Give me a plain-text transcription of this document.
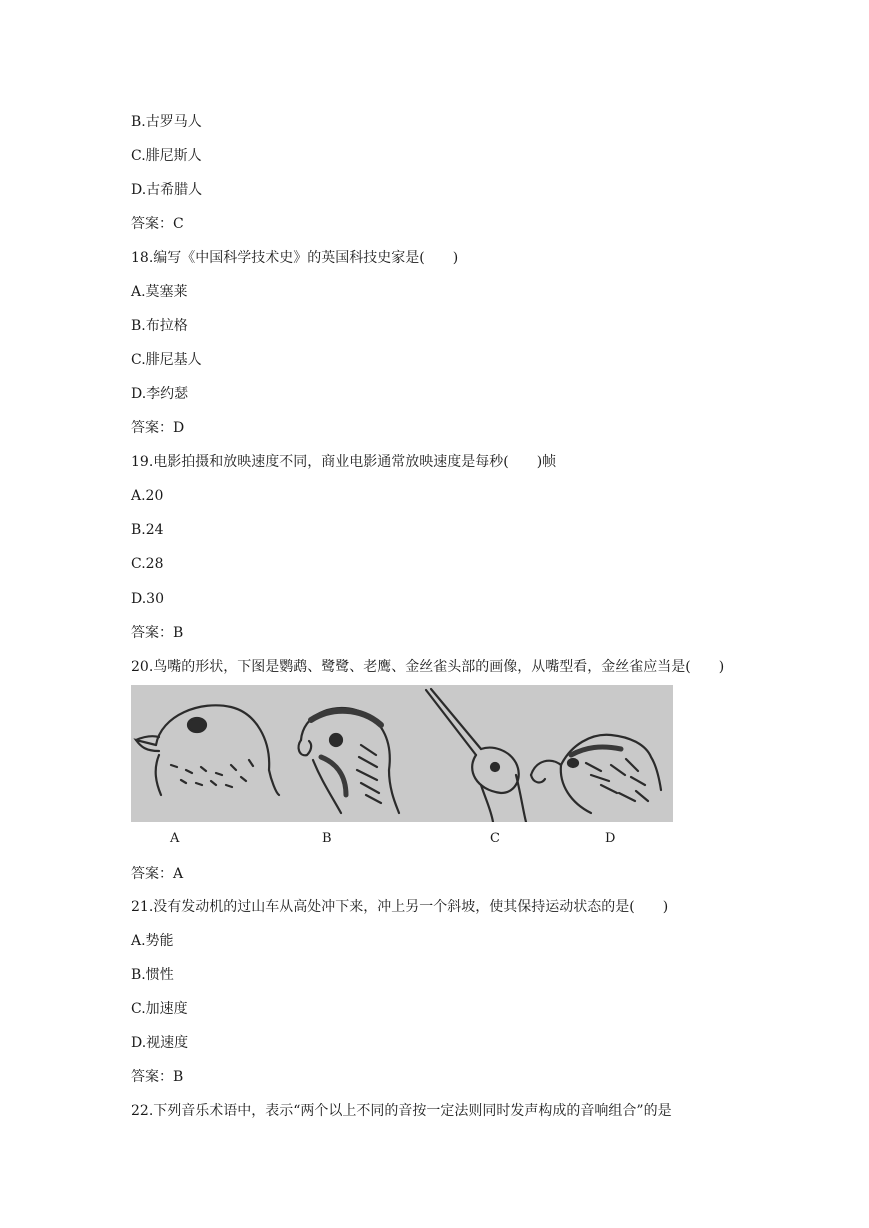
B.古罗马人
C.腓尼斯人
D.古希腊人
答案：C
18.编写《中国科学技术史》的英国科技史家是(　　)
A.莫塞莱
B.布拉格
C.腓尼基人
D.李约瑟
答案：D
19.电影拍摄和放映速度不同，商业电影通常放映速度是每秒(　　)帧
A.20
B.24
C.28
D.30
答案：B
20.鸟嘴的形状，下图是鹦鹉、鹭鹭、老鹰、金丝雀头部的画像，从嘴型看，金丝雀应当是(　　)
A	B	C	D
答案：A
21.没有发动机的过山车从高处冲下来，冲上另一个斜坡，使其保持运动状态的是(　　)
A.势能
B.惯性
C.加速度
D.视速度
答案：B
22.下列音乐术语中，表示“两个以上不同的音按一定法则同时发声构成的音响组合”的是
